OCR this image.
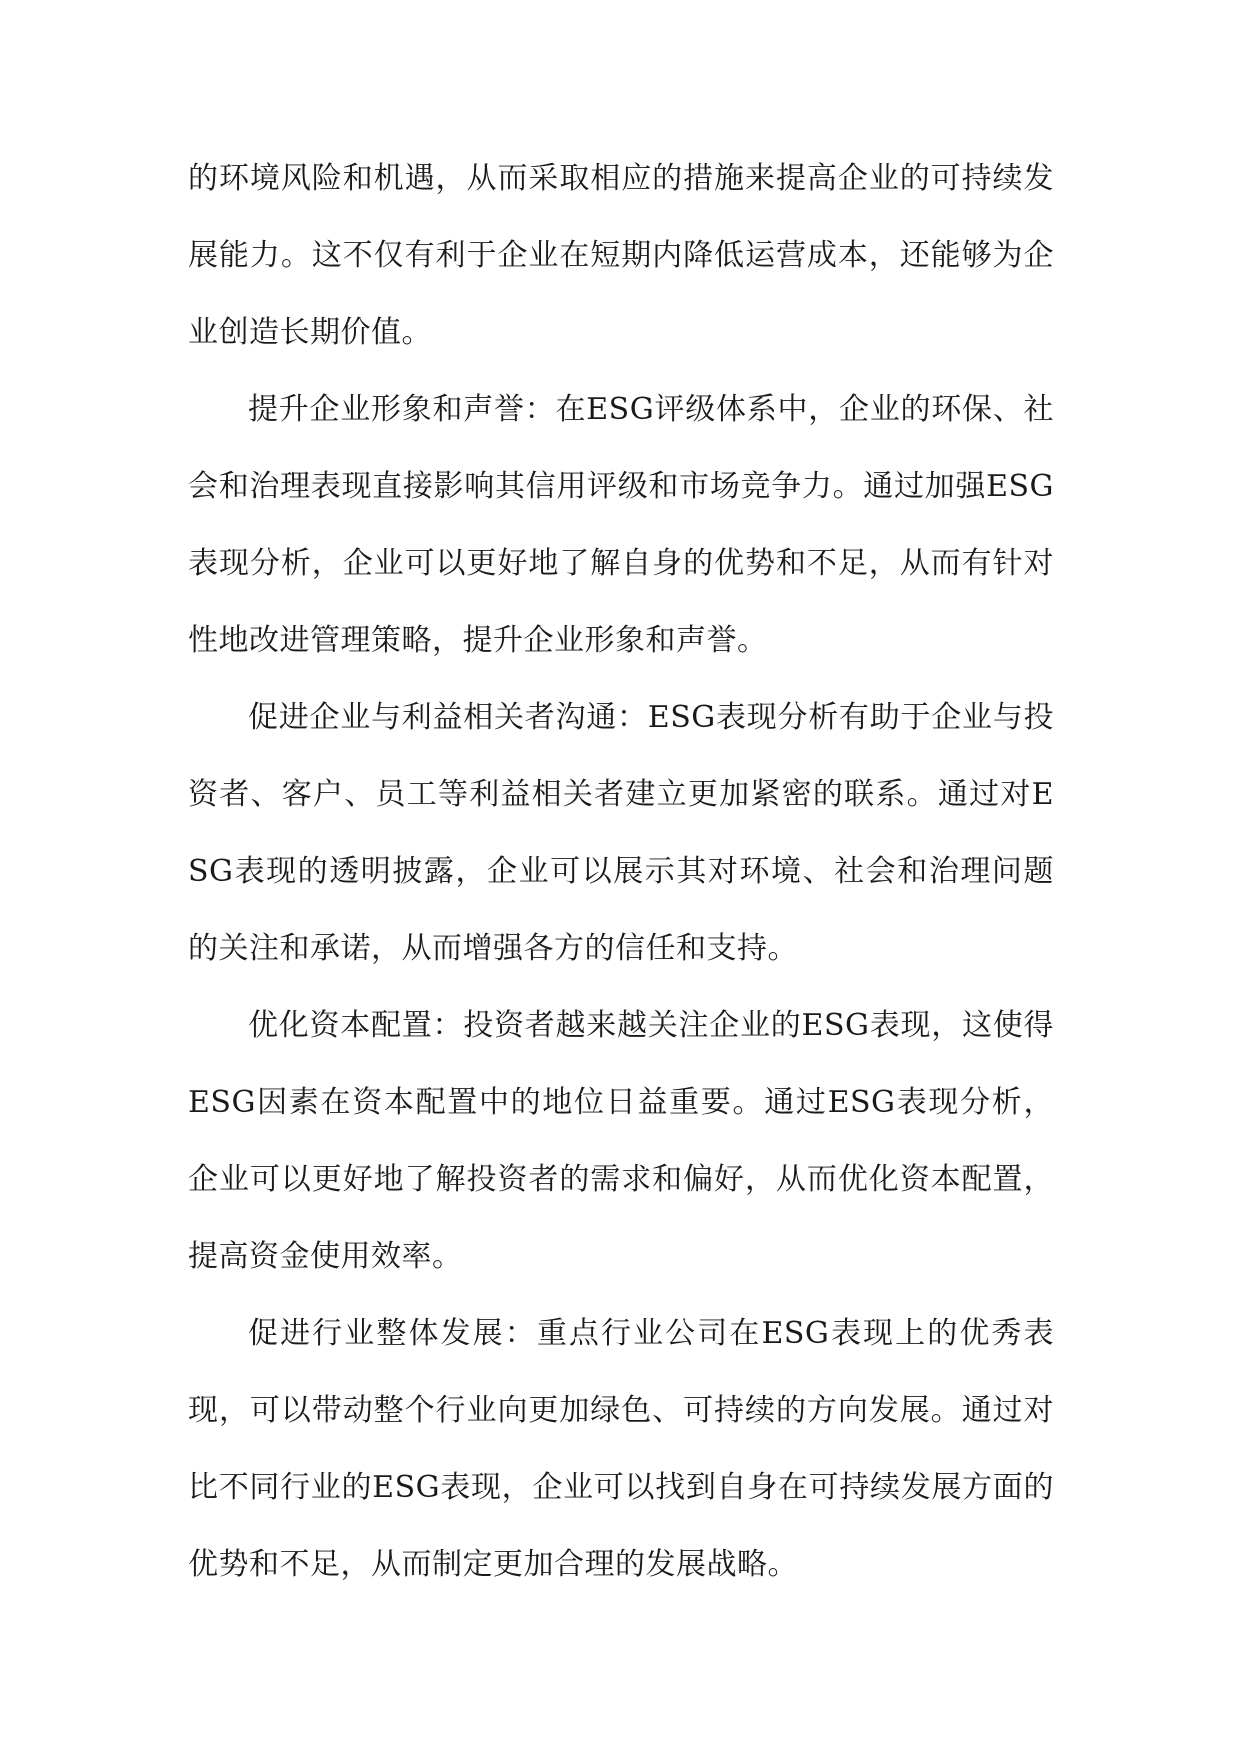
的环境风险和机遇，从而采取相应的措施来提高企业的可持续发展能力。这不仅有利于企业在短期内降低运营成本，还能够为企业创造长期价值。

提升企业形象和声誉：在ESG评级体系中，企业的环保、社会和治理表现直接影响其信用评级和市场竞争力。通过加强ESG表现分析，企业可以更好地了解自身的优势和不足，从而有针对性地改进管理策略，提升企业形象和声誉。

促进企业与利益相关者沟通：ESG表现分析有助于企业与投资者、客户、员工等利益相关者建立更加紧密的联系。通过对ESG表现的透明披露，企业可以展示其对环境、社会和治理问题的关注和承诺，从而增强各方的信任和支持。

优化资本配置：投资者越来越关注企业的ESG表现，这使得ESG因素在资本配置中的地位日益重要。通过ESG表现分析，企业可以更好地了解投资者的需求和偏好，从而优化资本配置，提高资金使用效率。

促进行业整体发展：重点行业公司在ESG表现上的优秀表现，可以带动整个行业向更加绿色、可持续的方向发展。通过对比不同行业的ESG表现，企业可以找到自身在可持续发展方面的优势和不足，从而制定更加合理的发展战略。
